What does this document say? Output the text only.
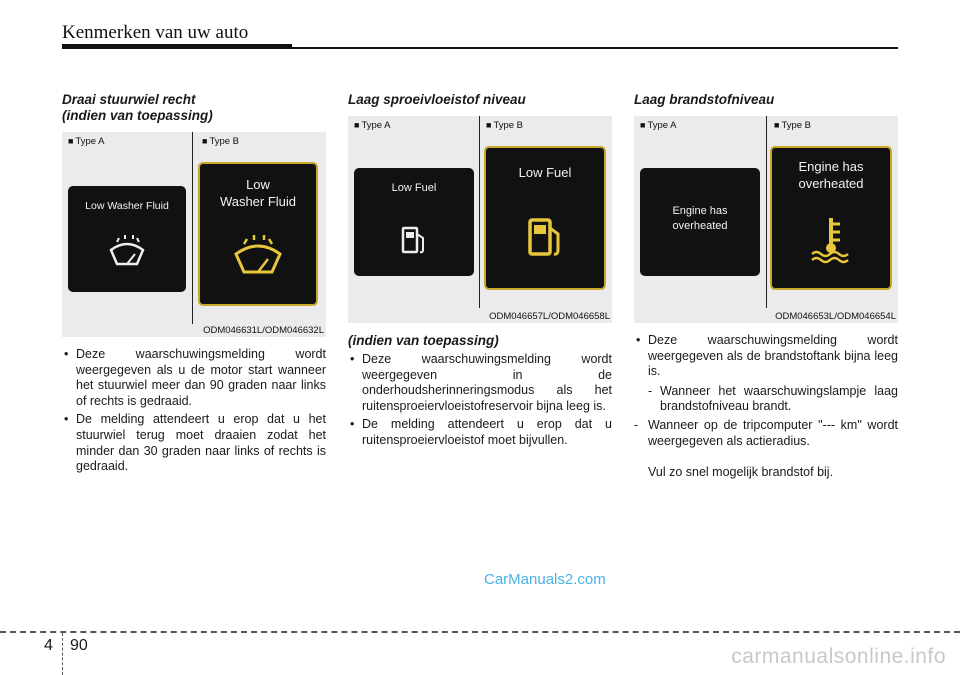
Kenmerken van uw auto

Draai stuurwiel recht
(indien van toepassing)

■ Type A	■ Type B
Low Washer Fluid
Low
Washer Fluid
ODM046631L/ODM046632L
• Deze waarschuwingsmelding wordt weergegeven als u de motor start wanneer het stuurwiel meer dan 90 graden naar links of rechts is gedraaid.
• De melding attendeert u erop dat u het stuurwiel terug moet draaien zodat het minder dan 30 graden naar links of rechts is gedraaid.

Laag sproeivloeistof niveau

■ Type A	■ Type B
Low Fuel
Low Fuel
ODM046657L/ODM046658L

(indien van toepassing)

• Deze waarschuwingsmelding wordt weergegeven in de onderhoudsherinneringsmodus als het ruitensproeiervloeistofreservoir bijna leeg is.
• De melding attendeert u erop dat u ruitensproeiervloeistof moet bijvullen.

Laag brandstofniveau

■ Type A	■ Type B
Engine has
overheated
Engine has
overheated
ODM046653L/ODM046654L
• Deze waarschuwingsmelding wordt weergegeven als de brandstoftank bijna leeg is.
- Wanneer het waarschuwingslampje laag brandstofniveau brandt.
- Wanneer op de tripcomputer "--- km" wordt weergegeven als actieradius.
Vul zo snel mogelijk brandstof bij.
CarManuals2.com
4 90	carmanualsonline.info
